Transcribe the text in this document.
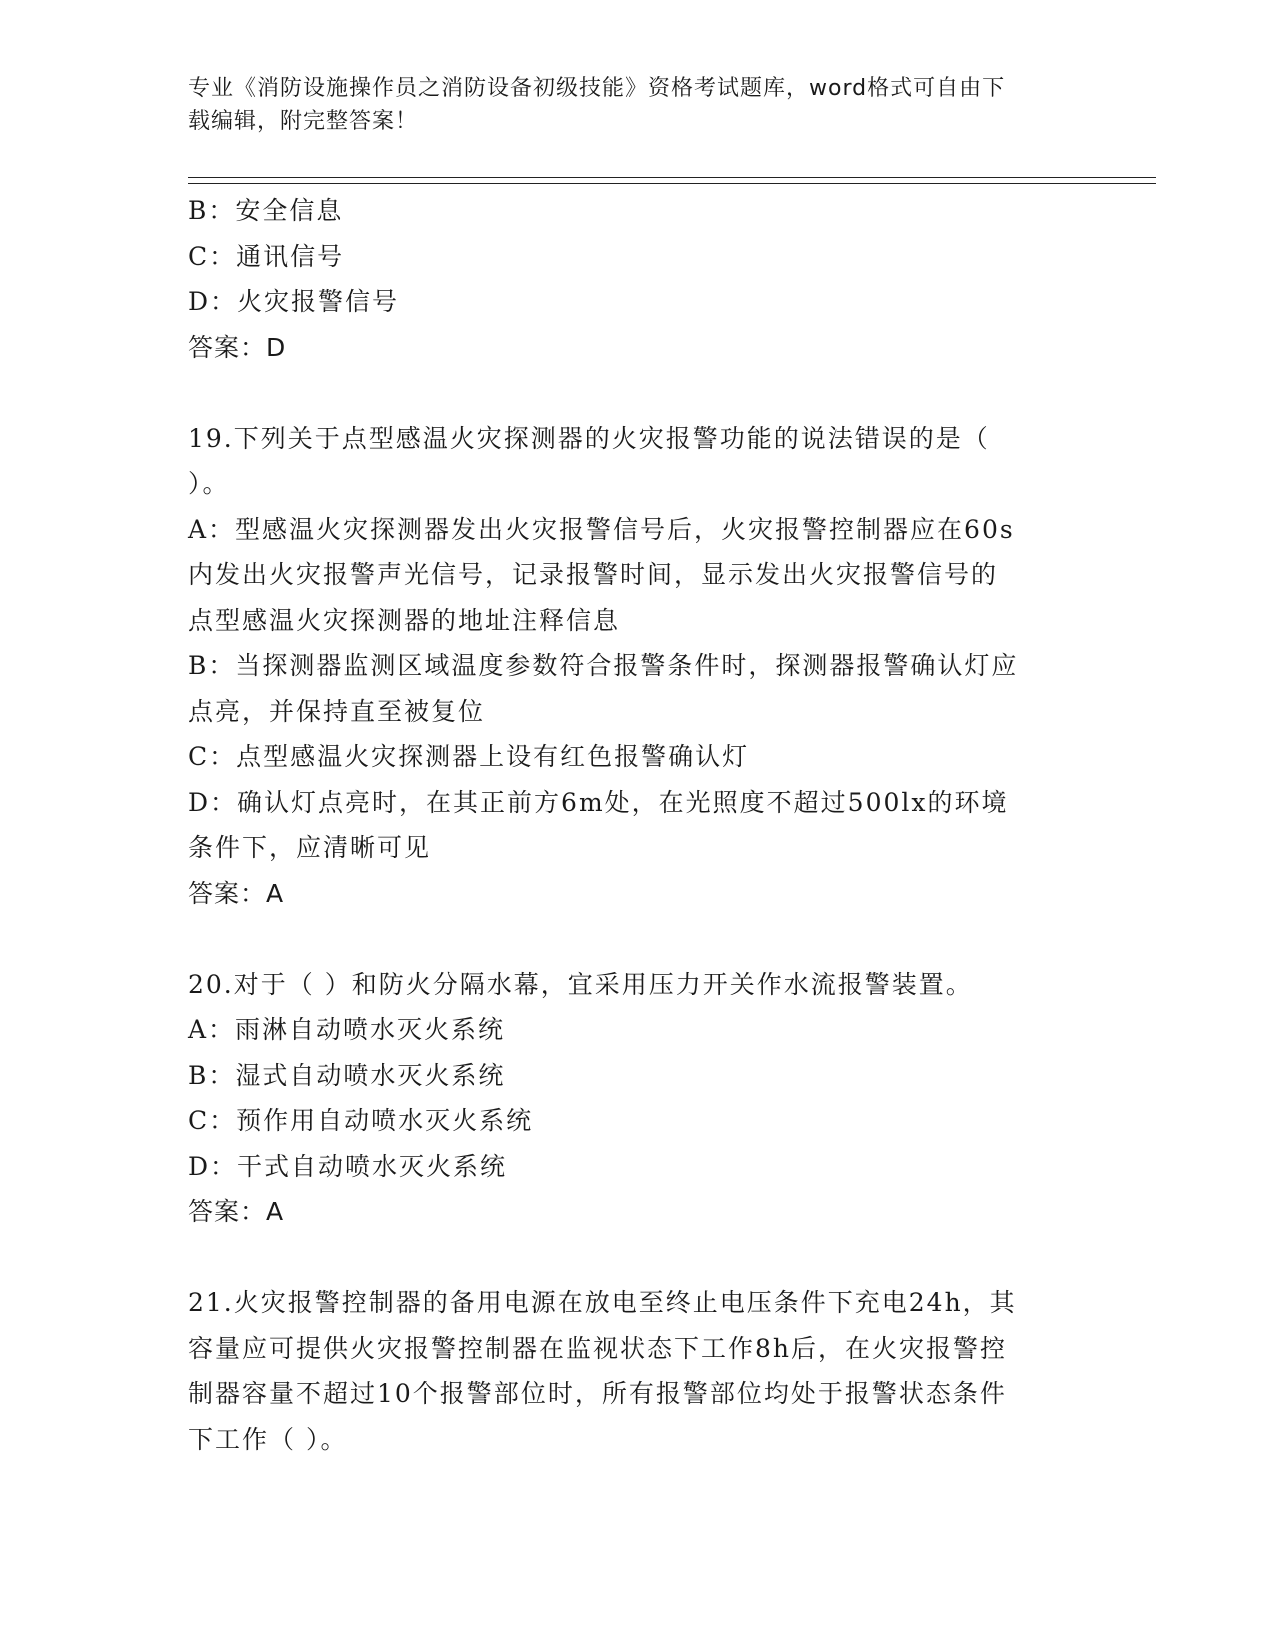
专业《消防设施操作员之消防设备初级技能》资格考试题库，word格式可自由下
载编辑，附完整答案！
B：安全信息
C：通讯信号
D：火灾报警信号
答案：D
19.下列关于点型感温火灾探测器的火灾报警功能的说法错误的是（
）。
A：型感温火灾探测器发出火灾报警信号后，火灾报警控制器应在60s
内发出火灾报警声光信号，记录报警时间，显示发出火灾报警信号的
点型感温火灾探测器的地址注释信息
B：当探测器监测区域温度参数符合报警条件时，探测器报警确认灯应
点亮，并保持直至被复位
C：点型感温火灾探测器上设有红色报警确认灯
D：确认灯点亮时，在其正前方6m处，在光照度不超过500lx的环境
条件下，应清晰可见
答案：A
20.对于（ ）和防火分隔水幕，宜采用压力开关作水流报警装置。
A：雨淋自动喷水灭火系统
B：湿式自动喷水灭火系统
C：预作用自动喷水灭火系统
D：干式自动喷水灭火系统
答案：A
21.火灾报警控制器的备用电源在放电至终止电压条件下充电24h，其
容量应可提供火灾报警控制器在监视状态下工作8h后，在火灾报警控
制器容量不超过10个报警部位时，所有报警部位均处于报警状态条件
下工作（ ）。
